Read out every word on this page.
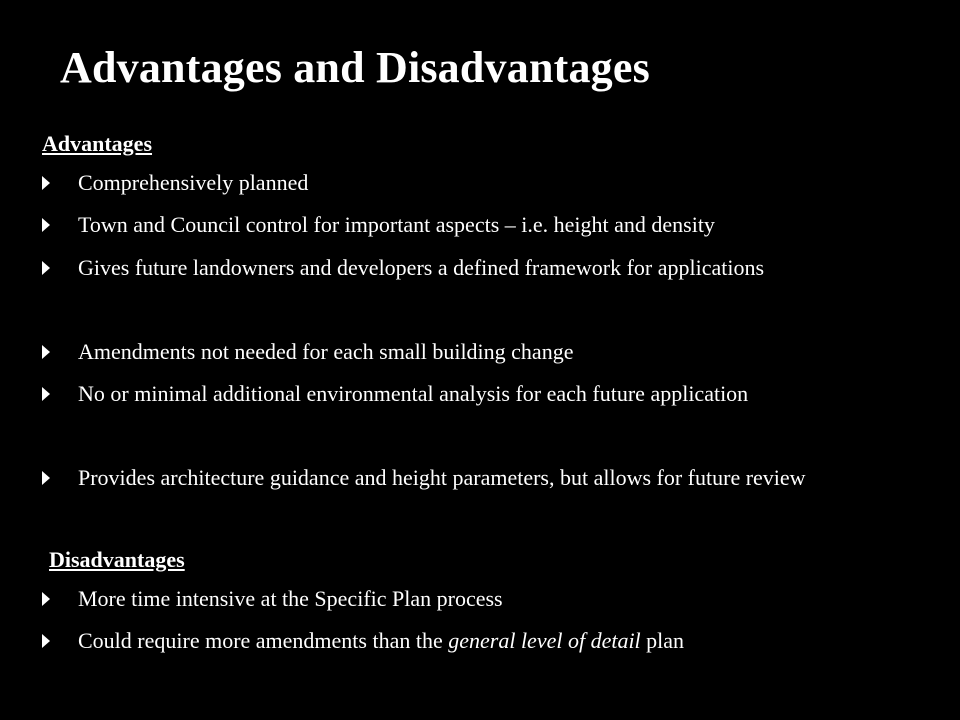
Advantages and Disadvantages
Advantages
Comprehensively planned
Town and Council control for important aspects – i.e. height and density
Gives future landowners and developers a defined framework for applications
Amendments not needed for each small building change
No or minimal additional environmental analysis for each future application
Provides architecture guidance and height parameters, but allows for future review
Disadvantages
More time intensive at the Specific Plan process
Could require more amendments than the general level of detail plan
